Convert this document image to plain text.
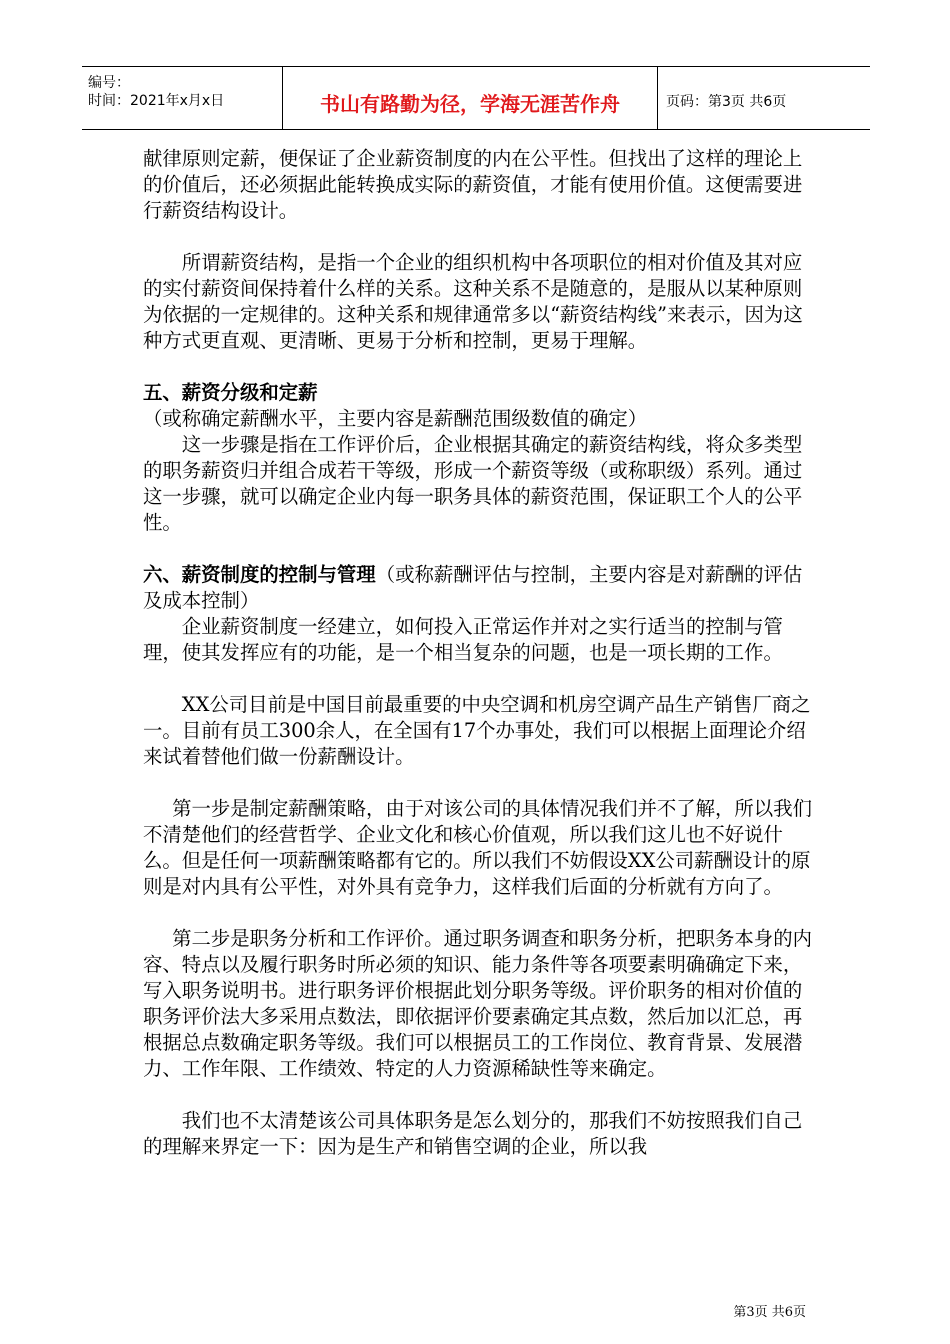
编号：
时间：2021年x月x日	书山有路勤为径，学海无涯苦作舟	页码：第3页 共6页

献律原则定薪，便保证了企业薪资制度的内在公平性。但找出了这样的理论上的价值后，还必须据此能转换成实际的薪资值，才能有使用价值。这便需要进行薪资结构设计。

所谓薪资结构，是指一个企业的组织机构中各项职位的相对价值及其对应的实付薪资间保持着什么样的关系。这种关系不是随意的，是服从以某种原则为依据的一定规律的。这种关系和规律通常多以“薪资结构线”来表示，因为这种方式更直观、更清晰、更易于分析和控制，更易于理解。

五、薪资分级和定薪（或称确定薪酬水平，主要内容是薪酬范围级数值的确定）

这一步骤是指在工作评价后，企业根据其确定的薪资结构线，将众多类型的职务薪资归并组合成若干等级，形成一个薪资等级（或称职级）系列。通过这一步骤，就可以确定企业内每一职务具体的薪资范围，保证职工个人的公平性。

六、薪资制度的控制与管理（或称薪酬评估与控制，主要内容是对薪酬的评估及成本控制）

企业薪资制度一经建立，如何投入正常运作并对之实行适当的控制与管理，使其发挥应有的功能，是一个相当复杂的问题，也是一项长期的工作。

XX公司目前是中国目前最重要的中央空调和机房空调产品生产销售厂商之一。目前有员工300余人，在全国有17个办事处，我们可以根据上面理论介绍来试着替他们做一份薪酬设计。

第一步是制定薪酬策略，由于对该公司的具体情况我们并不了解，所以我们不清楚他们的经营哲学、企业文化和核心价值观，所以我们这儿也不好说什么。但是任何一项薪酬策略都有它的。所以我们不妨假设XX公司薪酬设计的原则是对内具有公平性，对外具有竞争力，这样我们后面的分析就有方向了。

第二步是职务分析和工作评价。通过职务调查和职务分析，把职务本身的内容、特点以及履行职务时所必须的知识、能力条件等各项要素明确确定下来，写入职务说明书。进行职务评价根据此划分职务等级。评价职务的相对价值的职务评价法大多采用点数法，即依据评价要素确定其点数，然后加以汇总，再根据总点数确定职务等级。我们可以根据员工的工作岗位、教育背景、发展潜力、工作年限、工作绩效、特定的人力资源稀缺性等来确定。

我们也不太清楚该公司具体职务是怎么划分的，那我们不妨按照我们自己的理解来界定一下：因为是生产和销售空调的企业，所以我

第3页 共6页
